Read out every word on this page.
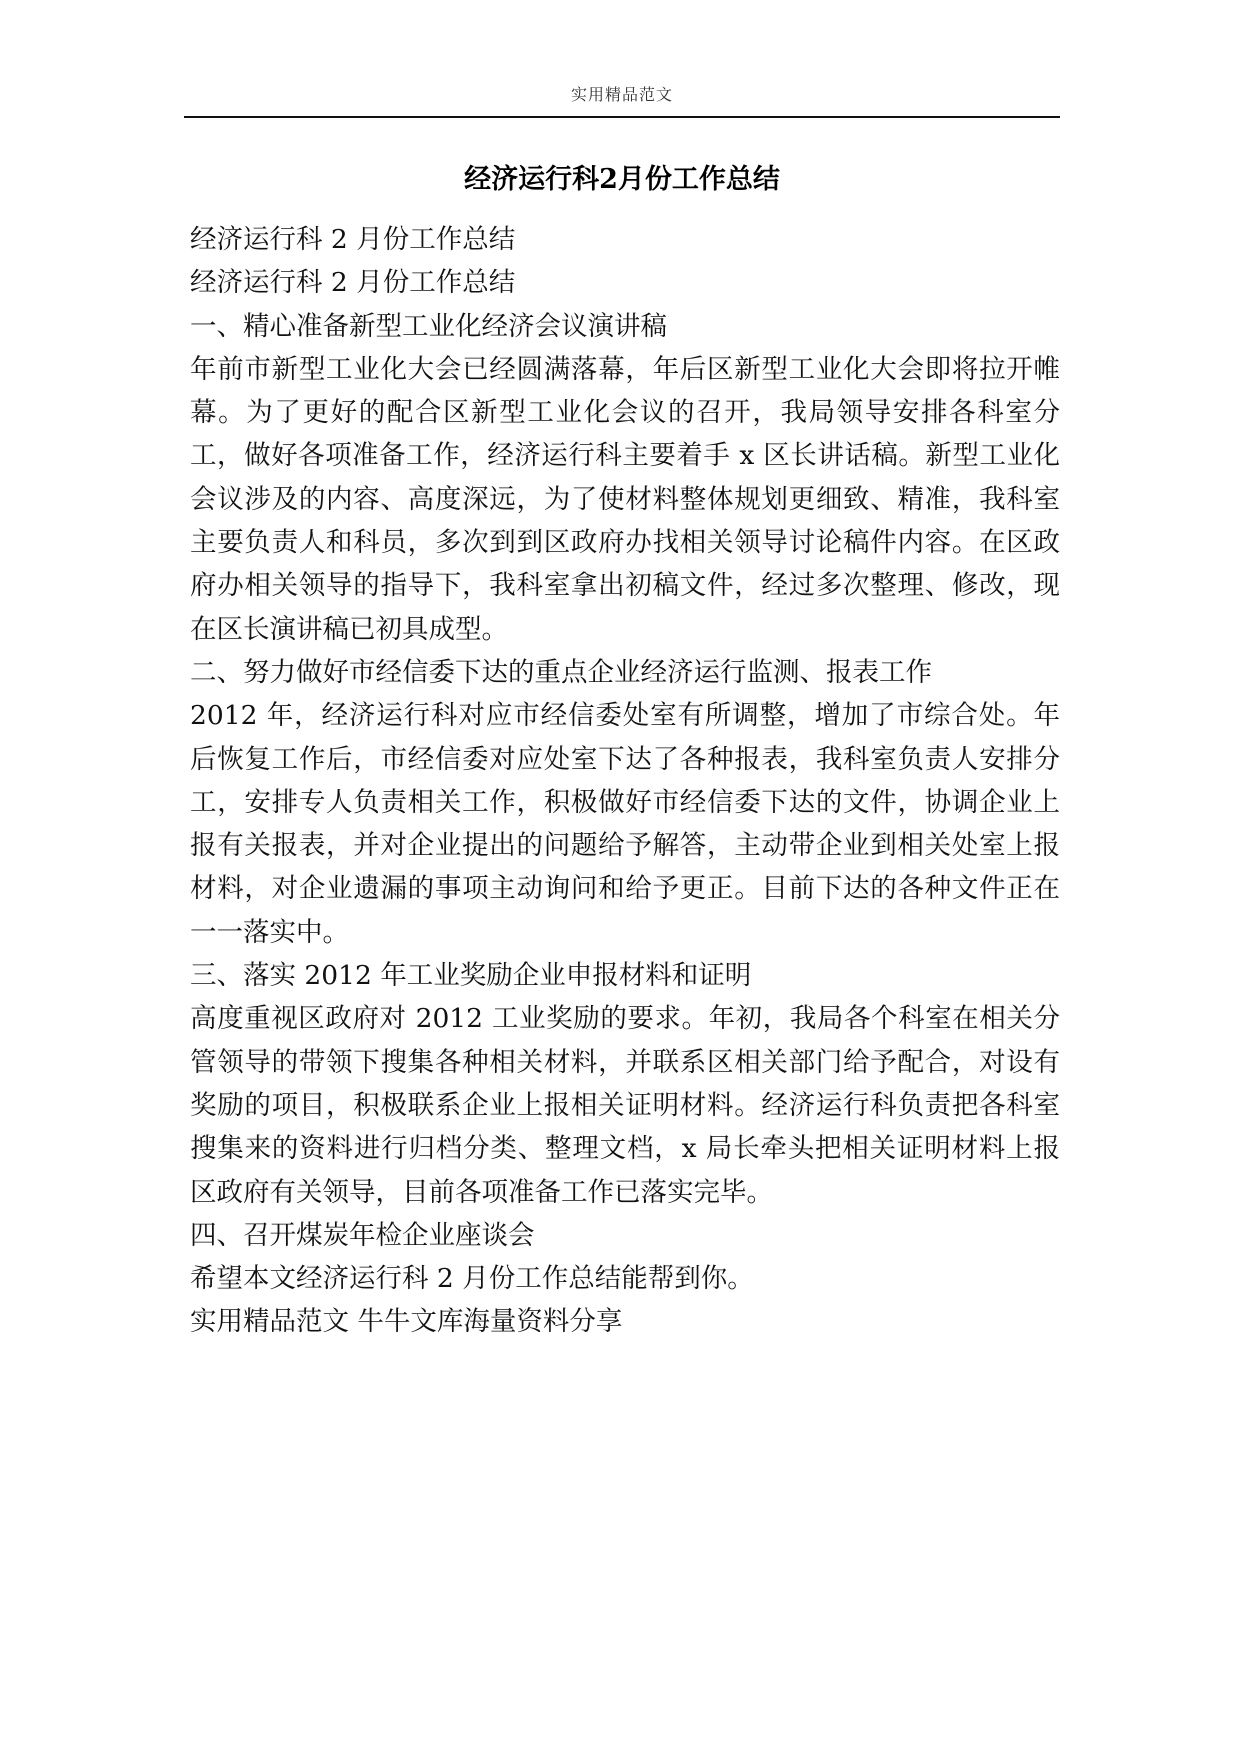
实用精品范文
经济运行科2月份工作总结

经济运行科 2 月份工作总结

经济运行科 2 月份工作总结

一、精心准备新型工业化经济会议演讲稿

年前市新型工业化大会已经圆满落幕，年后区新型工业化大会即将拉开帷幕。为了更好的配合区新型工业化会议的召开，我局领导安排各科室分工，做好各项准备工作，经济运行科主要着手 x 区长讲话稿。新型工业化会议涉及的内容、高度深远，为了使材料整体规划更细致、精准，我科室主要负责人和科员，多次到到区政府办找相关领导讨论稿件内容。在区政府办相关领导的指导下，我科室拿出初稿文件，经过多次整理、修改，现在区长演讲稿已初具成型。

二、努力做好市经信委下达的重点企业经济运行监测、报表工作

2012 年，经济运行科对应市经信委处室有所调整，增加了市综合处。年后恢复工作后，市经信委对应处室下达了各种报表，我科室负责人安排分工，安排专人负责相关工作，积极做好市经信委下达的文件，协调企业上报有关报表，并对企业提出的问题给予解答，主动带企业到相关处室上报材料，对企业遗漏的事项主动询问和给予更正。目前下达的各种文件正在一一落实中。

三、落实 2012 年工业奖励企业申报材料和证明

高度重视区政府对 2012 工业奖励的要求。年初，我局各个科室在相关分管领导的带领下搜集各种相关材料，并联系区相关部门给予配合，对设有奖励的项目，积极联系企业上报相关证明材料。经济运行科负责把各科室搜集来的资料进行归档分类、整理文档，x 局长牵头把相关证明材料上报区政府有关领导，目前各项准备工作已落实完毕。

四、召开煤炭年检企业座谈会

希望本文经济运行科 2 月份工作总结能帮到你。

实用精品范文 牛牛文库海量资料分享
